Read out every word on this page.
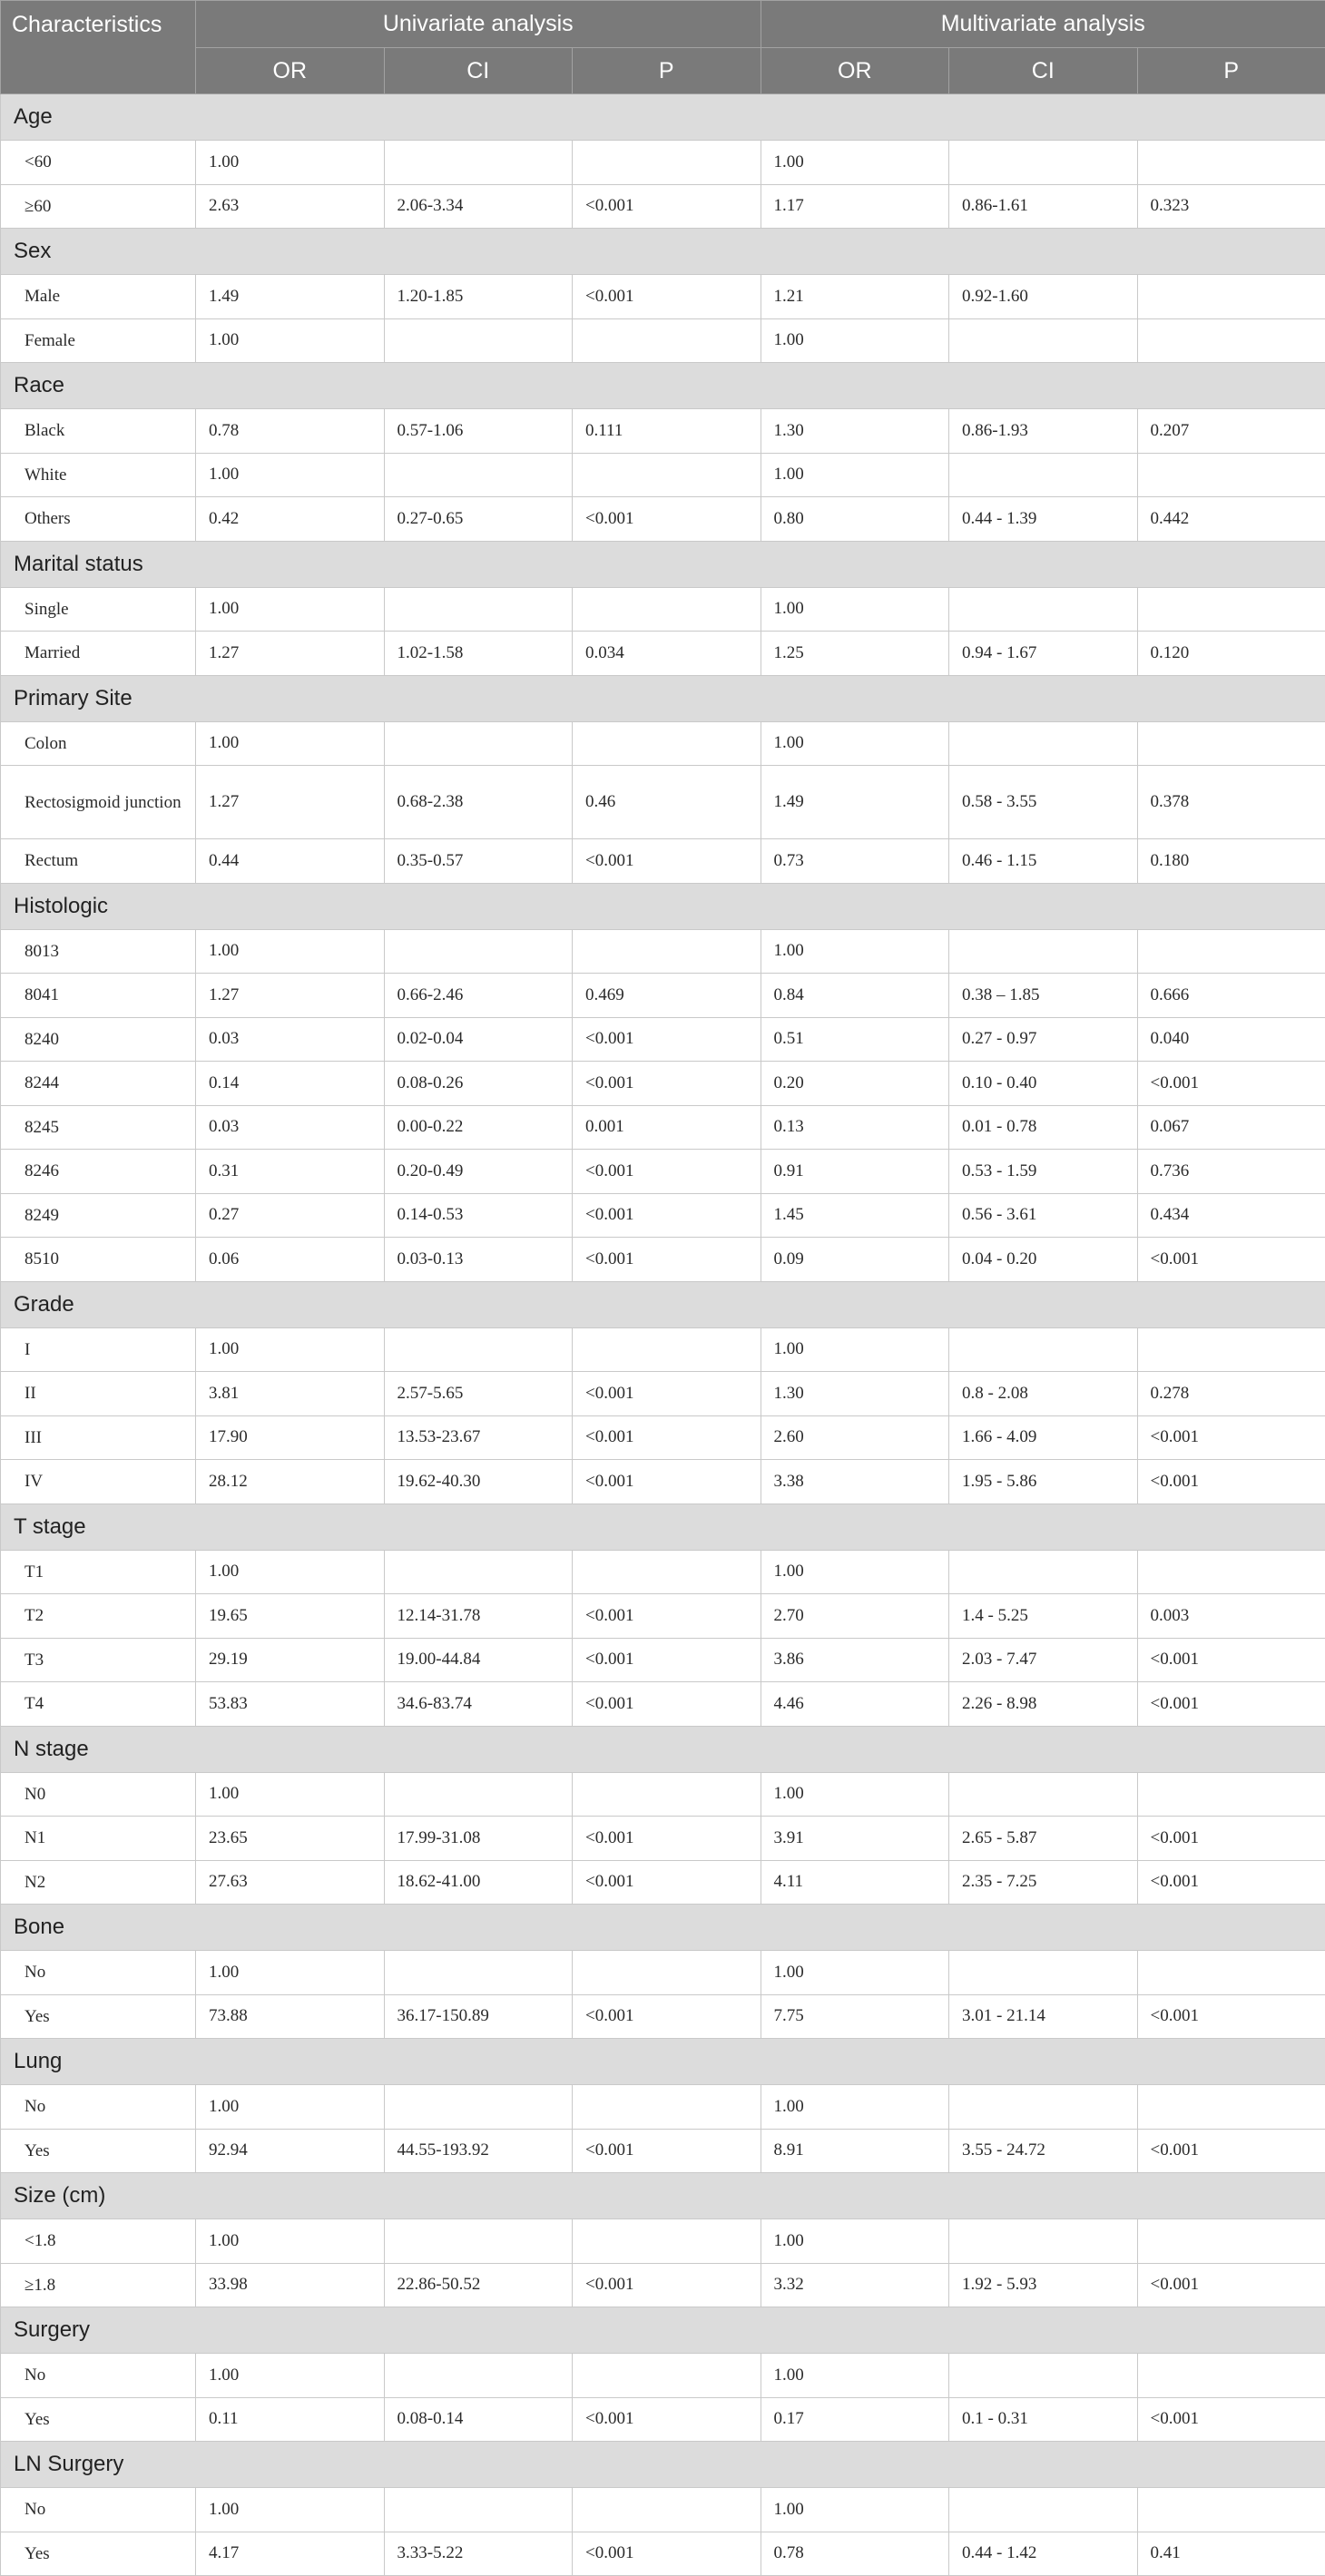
Characteristics	Univariate analysis			Multivariate analysis		
	OR	CI	P	OR	CI	P
Age						
<60	1.00			1.00		
≥60	2.63	2.06-3.34	<0.001	1.17	0.86-1.61	0.323
Sex						
Male	1.49	1.20-1.85	<0.001	1.21	0.92-1.60	
Female	1.00			1.00		
Race						
Black	0.78	0.57-1.06	0.111	1.30	0.86-1.93	0.207
White	1.00			1.00		
Others	0.42	0.27-0.65	<0.001	0.80	0.44 - 1.39	0.442
Marital status						
Single	1.00			1.00		
Married	1.27	1.02-1.58	0.034	1.25	0.94 - 1.67	0.120
Primary Site						
Colon	1.00			1.00		
Rectosigmoid junction	1.27	0.68-2.38	0.46	1.49	0.58 - 3.55	0.378
Rectum	0.44	0.35-0.57	<0.001	0.73	0.46 - 1.15	0.180
Histologic						
8013	1.00			1.00		
8041	1.27	0.66-2.46	0.469	0.84	0.38 – 1.85	0.666
8240	0.03	0.02-0.04	<0.001	0.51	0.27 - 0.97	0.040
8244	0.14	0.08-0.26	<0.001	0.20	0.10 - 0.40	<0.001
8245	0.03	0.00-0.22	0.001	0.13	0.01 - 0.78	0.067
8246	0.31	0.20-0.49	<0.001	0.91	0.53 - 1.59	0.736
8249	0.27	0.14-0.53	<0.001	1.45	0.56 - 3.61	0.434
8510	0.06	0.03-0.13	<0.001	0.09	0.04 - 0.20	<0.001
Grade						
I	1.00			1.00		
II	3.81	2.57-5.65	<0.001	1.30	0.8 - 2.08	0.278
III	17.90	13.53-23.67	<0.001	2.60	1.66 - 4.09	<0.001
IV	28.12	19.62-40.30	<0.001	3.38	1.95 - 5.86	<0.001
T stage						
T1	1.00			1.00		
T2	19.65	12.14-31.78	<0.001	2.70	1.4 - 5.25	0.003
T3	29.19	19.00-44.84	<0.001	3.86	2.03 - 7.47	<0.001
T4	53.83	34.6-83.74	<0.001	4.46	2.26 - 8.98	<0.001
N stage						
N0	1.00			1.00		
N1	23.65	17.99-31.08	<0.001	3.91	2.65 - 5.87	<0.001
N2	27.63	18.62-41.00	<0.001	4.11	2.35 - 7.25	<0.001
Bone						
No	1.00			1.00		
Yes	73.88	36.17-150.89	<0.001	7.75	3.01 - 21.14	<0.001
Lung						
No	1.00			1.00		
Yes	92.94	44.55-193.92	<0.001	8.91	3.55 - 24.72	<0.001
Size (cm)						
<1.8	1.00			1.00		
≥1.8	33.98	22.86-50.52	<0.001	3.32	1.92 - 5.93	<0.001
Surgery						
No	1.00			1.00		
Yes	0.11	0.08-0.14	<0.001	0.17	0.1 - 0.31	<0.001
LN Surgery						
No	1.00			1.00		
Yes	4.17	3.33-5.22	<0.001	0.78	0.44 - 1.42	0.41
